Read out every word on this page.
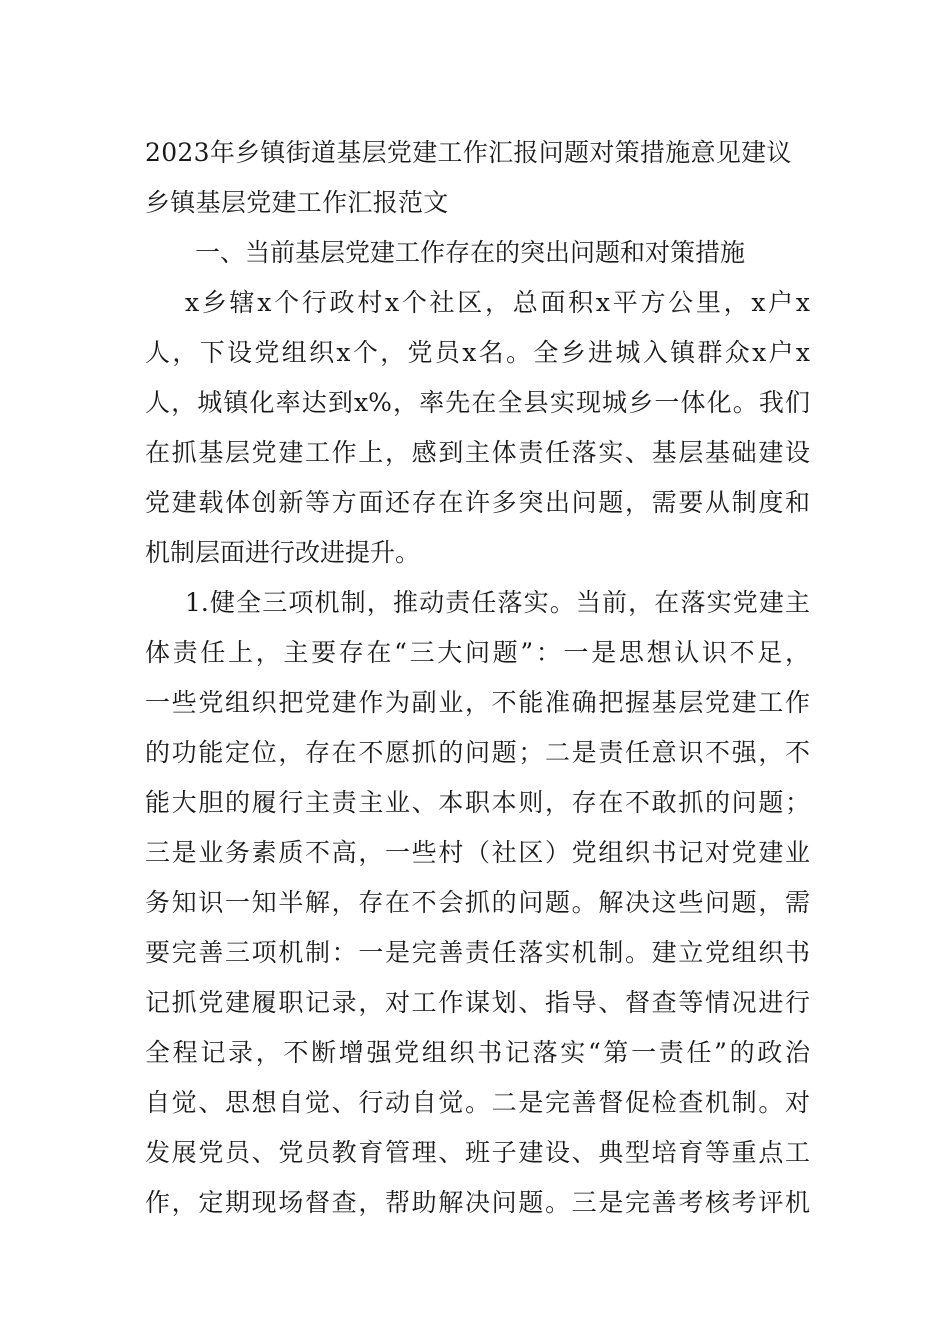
2023年乡镇街道基层党建工作汇报问题对策措施意见建议
乡镇基层党建工作汇报范文
一、当前基层党建工作存在的突出问题和对策措施
x乡辖x个行政村x个社区，总面积x平方公里，x户x
人，下设党组织x个，党员x名。全乡进城入镇群众x户x
人，城镇化率达到x%，率先在全县实现城乡一体化。我们
在抓基层党建工作上，感到主体责任落实、基层基础建设
党建载体创新等方面还存在许多突出问题，需要从制度和
机制层面进行改进提升。
1.健全三项机制，推动责任落实。当前，在落实党建主
体责任上，主要存在“三大问题”：一是思想认识不足，
一些党组织把党建作为副业，不能准确把握基层党建工作
的功能定位，存在不愿抓的问题；二是责任意识不强，不
能大胆的履行主责主业、本职本则，存在不敢抓的问题；
三是业务素质不高，一些村（社区）党组织书记对党建业
务知识一知半解，存在不会抓的问题。解决这些问题，需
要完善三项机制：一是完善责任落实机制。建立党组织书
记抓党建履职记录，对工作谋划、指导、督查等情况进行
全程记录，不断增强党组织书记落实“第一责任”的政治
自觉、思想自觉、行动自觉。二是完善督促检查机制。对
发展党员、党员教育管理、班子建设、典型培育等重点工
作，定期现场督查，帮助解决问题。三是完善考核考评机
